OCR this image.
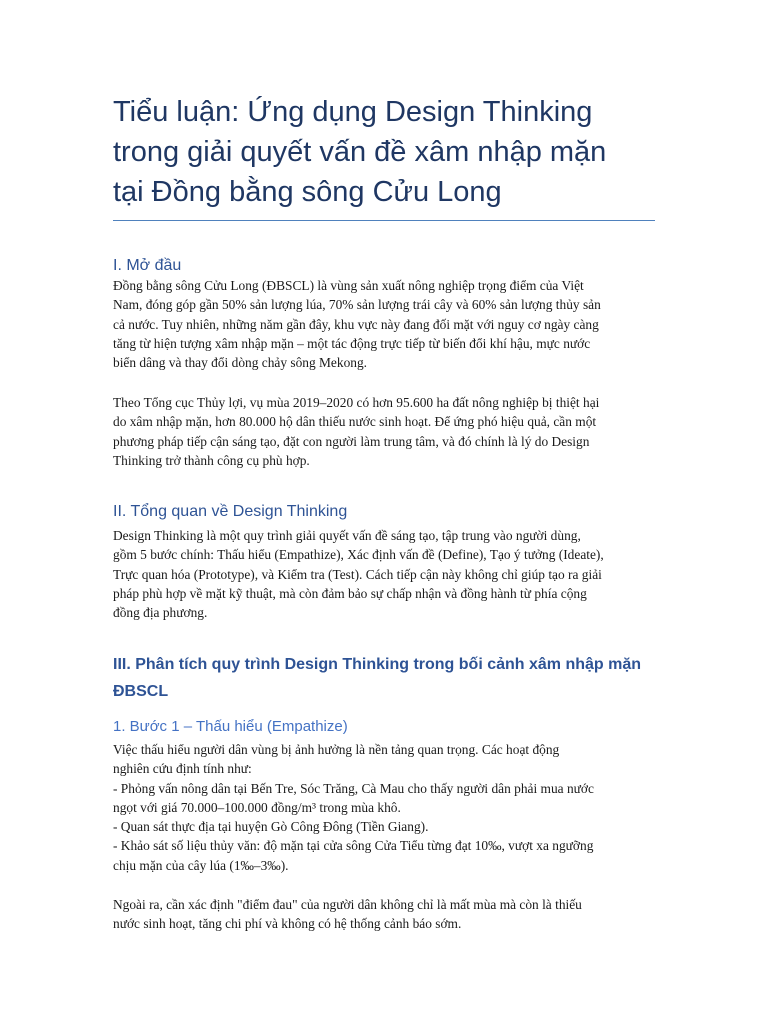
Tiểu luận: Ứng dụng Design Thinking
trong giải quyết vấn đề xâm nhập mặn
tại Đồng bằng sông Cửu Long
I. Mở đầu
Đồng bằng sông Cửu Long (ĐBSCL) là vùng sản xuất nông nghiệp trọng điểm của Việt
Nam, đóng góp gần 50% sản lượng lúa, 70% sản lượng trái cây và 60% sản lượng thủy sản
cả nước. Tuy nhiên, những năm gần đây, khu vực này đang đối mặt với nguy cơ ngày càng
tăng từ hiện tượng xâm nhập mặn – một tác động trực tiếp từ biến đổi khí hậu, mực nước
biển dâng và thay đổi dòng chảy sông Mekong.
Theo Tổng cục Thủy lợi, vụ mùa 2019–2020 có hơn 95.600 ha đất nông nghiệp bị thiệt hại
do xâm nhập mặn, hơn 80.000 hộ dân thiếu nước sinh hoạt. Để ứng phó hiệu quả, cần một
phương pháp tiếp cận sáng tạo, đặt con người làm trung tâm, và đó chính là lý do Design
Thinking trở thành công cụ phù hợp.
II. Tổng quan về Design Thinking
Design Thinking là một quy trình giải quyết vấn đề sáng tạo, tập trung vào người dùng,
gồm 5 bước chính: Thấu hiểu (Empathize), Xác định vấn đề (Define), Tạo ý tưởng (Ideate),
Trực quan hóa (Prototype), và Kiểm tra (Test). Cách tiếp cận này không chỉ giúp tạo ra giải
pháp phù hợp về mặt kỹ thuật, mà còn đảm bảo sự chấp nhận và đồng hành từ phía cộng
đồng địa phương.
III. Phân tích quy trình Design Thinking trong bối cảnh xâm nhập mặn
ĐBSCL
1. Bước 1 – Thấu hiểu (Empathize)
Việc thấu hiểu người dân vùng bị ảnh hưởng là nền tảng quan trọng. Các hoạt động
nghiên cứu định tính như:
- Phỏng vấn nông dân tại Bến Tre, Sóc Trăng, Cà Mau cho thấy người dân phải mua nước
ngọt với giá 70.000–100.000 đồng/m³ trong mùa khô.
- Quan sát thực địa tại huyện Gò Công Đông (Tiền Giang).
- Khảo sát số liệu thủy văn: độ mặn tại cửa sông Cửa Tiểu từng đạt 10‰, vượt xa ngưỡng
chịu mặn của cây lúa (1‰–3‰).
Ngoài ra, cần xác định "điểm đau" của người dân không chỉ là mất mùa mà còn là thiếu
nước sinh hoạt, tăng chi phí và không có hệ thống cảnh báo sớm.
